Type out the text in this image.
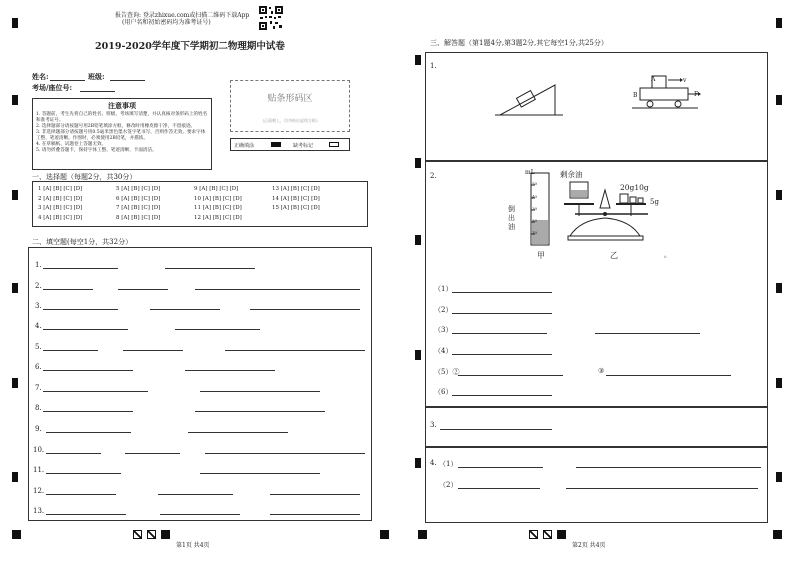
报告查询: 登录zhixue.com或扫描二维码下载App
(用户名和初始密码均为准考证号)
2019-2020学年度下学期初二物理期中试卷
姓名:	班级:
考场/座位号:
注意事项
1. 答题前，考生先将自己的姓名、班级、考场填写清楚，并认真核对条形码上的姓名和准考证号。
2. 选择题部分请按题号用2B铅笔填涂方框，修改时用橡皮擦干净，不留痕迹。
3. 非选择题部分请按题号用0.5毫米黑色墨水签字笔书写，否则作答无效。要求字体工整、笔迹清晰。作图时，必须使用2B铅笔，并描浓。
4. 在草稿纸、试题卷上答题无效。
5. 请勿折叠答题卡，保持字体工整、笔迹清晰、卡面清洁。
贴条形码区
(正面朝上，切勿贴出虚线方框)
正确填涂	缺考标记
一、选择题（每题2分，共30分）
1 [A] [B] [C] [D]	5 [A] [B] [C] [D]	9 [A] [B] [C] [D]	13 [A] [B] [C] [D]
2 [A] [B] [C] [D]	6 [A] [B] [C] [D]	10 [A] [B] [C] [D]	14 [A] [B] [C] [D]
3 [A] [B] [C] [D]	7 [A] [B] [C] [D]	11 [A] [B] [C] [D]	15 [A] [B] [C] [D]
4 [A] [B] [C] [D]	8 [A] [B] [C] [D]	12 [A] [B] [C] [D]
二、填空题(每空1分，共32分）
1.
2.
3.
4.
5.
6.
7.
8.
9.
10.
11.
12.
13.
第1页 共4页
三、解答题（第1题4分,第3题2分,其它每空1分,共25分）
1.
A	v
B	F
2.	mL
50
40
30
20
10
倒出油
甲
剩余油
20g10g
5g
乙	。
（1）
（2）
（3）
（4）
（5）②	③
（6）
3.
4. （1）
（2）
第2页 共4页
